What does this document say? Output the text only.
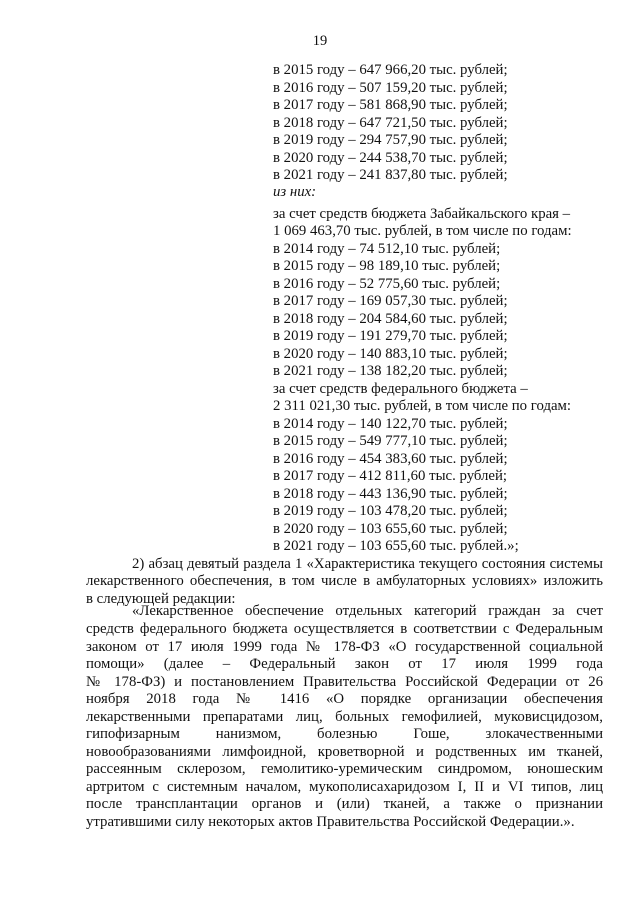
19
в 2015 году – 647 966,20 тыс. рублей;
в 2016 году – 507 159,20 тыс. рублей;
в 2017 году – 581 868,90 тыс. рублей;
в 2018 году – 647 721,50 тыс. рублей;
в 2019 году – 294 757,90 тыс. рублей;
в 2020 году – 244 538,70 тыс. рублей;
в 2021 году – 241 837,80 тыс. рублей;
из них:
за счет средств бюджета Забайкальского края –
1 069 463,70 тыс. рублей, в том числе по годам:
в 2014 году – 74 512,10 тыс. рублей;
в 2015 году – 98 189,10 тыс. рублей;
в 2016 году – 52 775,60 тыс. рублей;
в 2017 году – 169 057,30 тыс. рублей;
в 2018 году – 204 584,60 тыс. рублей;
в 2019 году – 191 279,70 тыс. рублей;
в 2020 году – 140 883,10 тыс. рублей;
в 2021 году – 138 182,20 тыс. рублей;
за счет средств федерального бюджета –
2 311 021,30 тыс. рублей, в том числе по годам:
в 2014 году – 140 122,70 тыс. рублей;
в 2015 году – 549 777,10 тыс. рублей;
в 2016 году – 454 383,60 тыс. рублей;
в 2017 году – 412 811,60 тыс. рублей;
в 2018 году – 443 136,90 тыс. рублей;
в 2019 году – 103 478,20 тыс. рублей;
в 2020 году – 103 655,60 тыс. рублей;
в 2021 году – 103 655,60 тыс. рублей.»;
2) абзац девятый раздела 1 «Характеристика текущего состояния системы
лекарственного обеспечения, в том числе в амбулаторных условиях» изложить
в следующей редакции:
«Лекарственное обеспечение отдельных категорий граждан за счет
средств федерального бюджета осуществляется в соответствии с Федеральным
законом от 17 июля 1999 года № 178-ФЗ «О государственной социальной
помощи» (далее – Федеральный закон от 17 июля 1999 года
№ 178-ФЗ) и постановлением Правительства Российской Федерации от 26
ноября 2018 года № 1416 «О порядке организации обеспечения
лекарственными препаратами лиц, больных гемофилией, муковисцидозом,
гипофизарным нанизмом, болезнью Гоше, злокачественными
новообразованиями лимфоидной, кроветворной и родственных им тканей,
рассеянным склерозом, гемолитико-уремическим синдромом, юношеским
артритом с системным началом, мукополисахаридозом I, II и VI типов, лиц
после трансплантации органов и (или) тканей, а также о признании
утратившими силу некоторых актов Правительства Российской Федерации.».
